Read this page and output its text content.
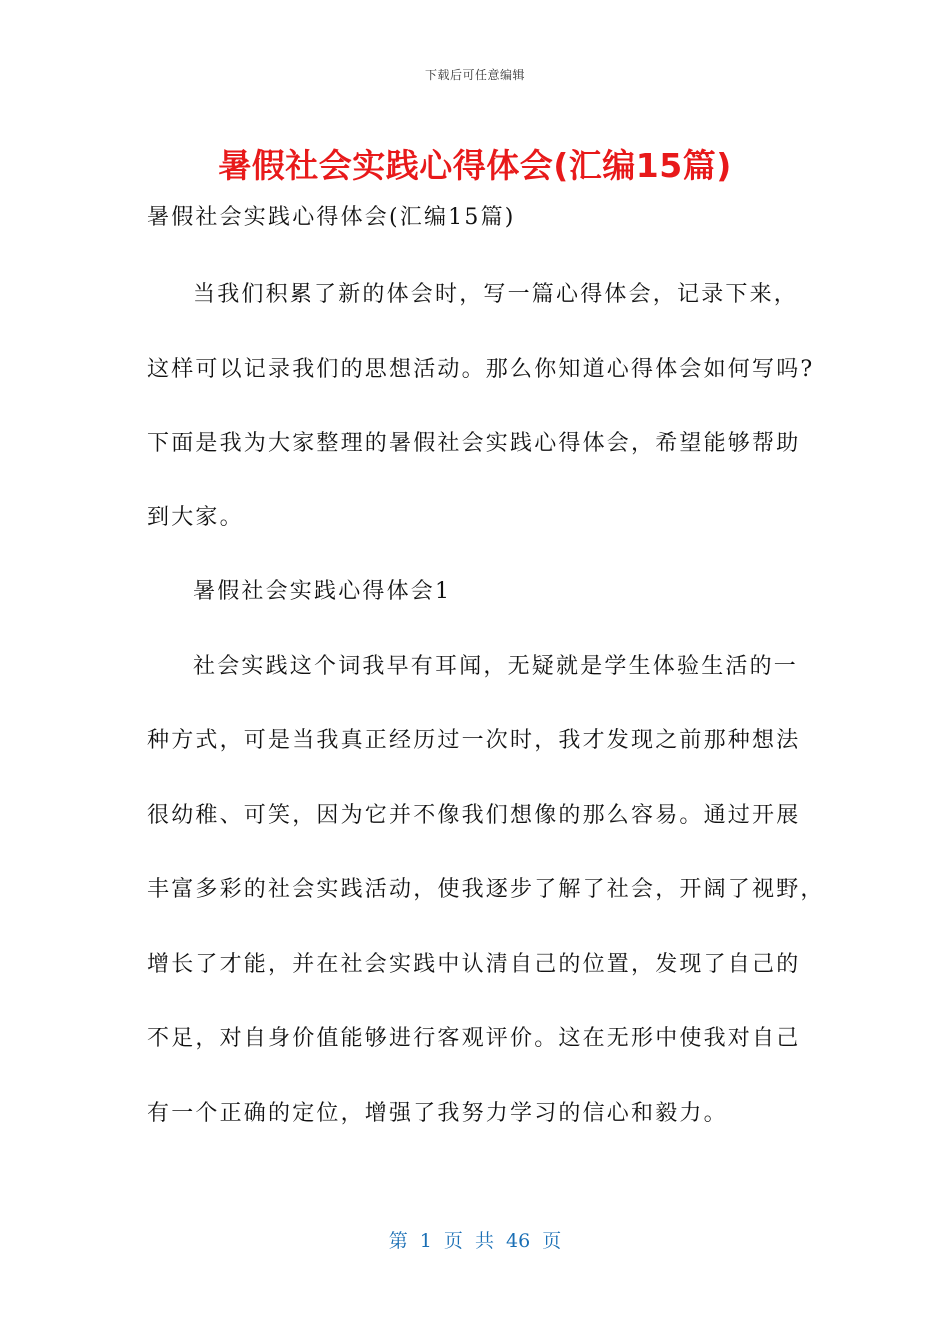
下载后可任意编辑
暑假社会实践心得体会(汇编15篇)
暑假社会实践心得体会(汇编15篇)
当我们积累了新的体会时，写一篇心得体会，记录下来，
这样可以记录我们的思想活动。那么你知道心得体会如何写吗?
下面是我为大家整理的暑假社会实践心得体会，希望能够帮助
到大家。
暑假社会实践心得体会1
社会实践这个词我早有耳闻，无疑就是学生体验生活的一
种方式，可是当我真正经历过一次时，我才发现之前那种想法
很幼稚、可笑，因为它并不像我们想像的那么容易。通过开展
丰富多彩的社会实践活动，使我逐步了解了社会，开阔了视野，
增长了才能，并在社会实践中认清自己的位置，发现了自己的
不足，对自身价值能够进行客观评价。这在无形中使我对自己
有一个正确的定位，增强了我努力学习的信心和毅力。
第 1 页 共 46 页
